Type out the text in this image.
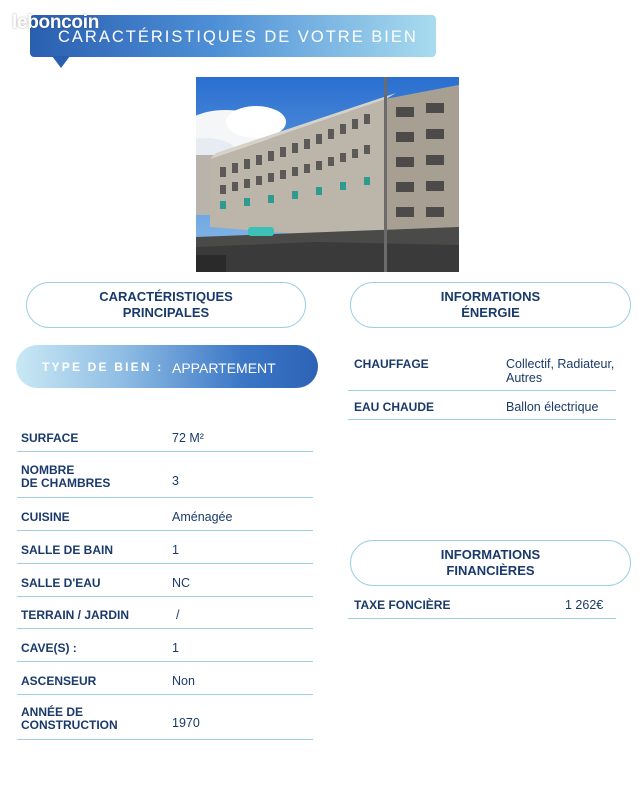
leboncoin
CARACTÉRISTIQUES DE VOTRE BIEN
CARACTÉRISTIQUES
PRINCIPALES
INFORMATIONS
ÉNERGIE
INFORMATIONS
FINANCIÈRES
TYPE DE BIEN : APPARTEMENT
SURFACE	72 M²
NOMBRE
DE CHAMBRES	3
CUISINE	Aménagée
SALLE DE BAIN	1
SALLE D'EAU	NC
TERRAIN / JARDIN	/
CAVE(S) :	1
ASCENSEUR	Non
ANNÉE DE
CONSTRUCTION	1970
CHAUFFAGE	Collectif, Radiateur,
Autres
EAU CHAUDE	Ballon électrique
TAXE FONCIÈRE	1 262€
